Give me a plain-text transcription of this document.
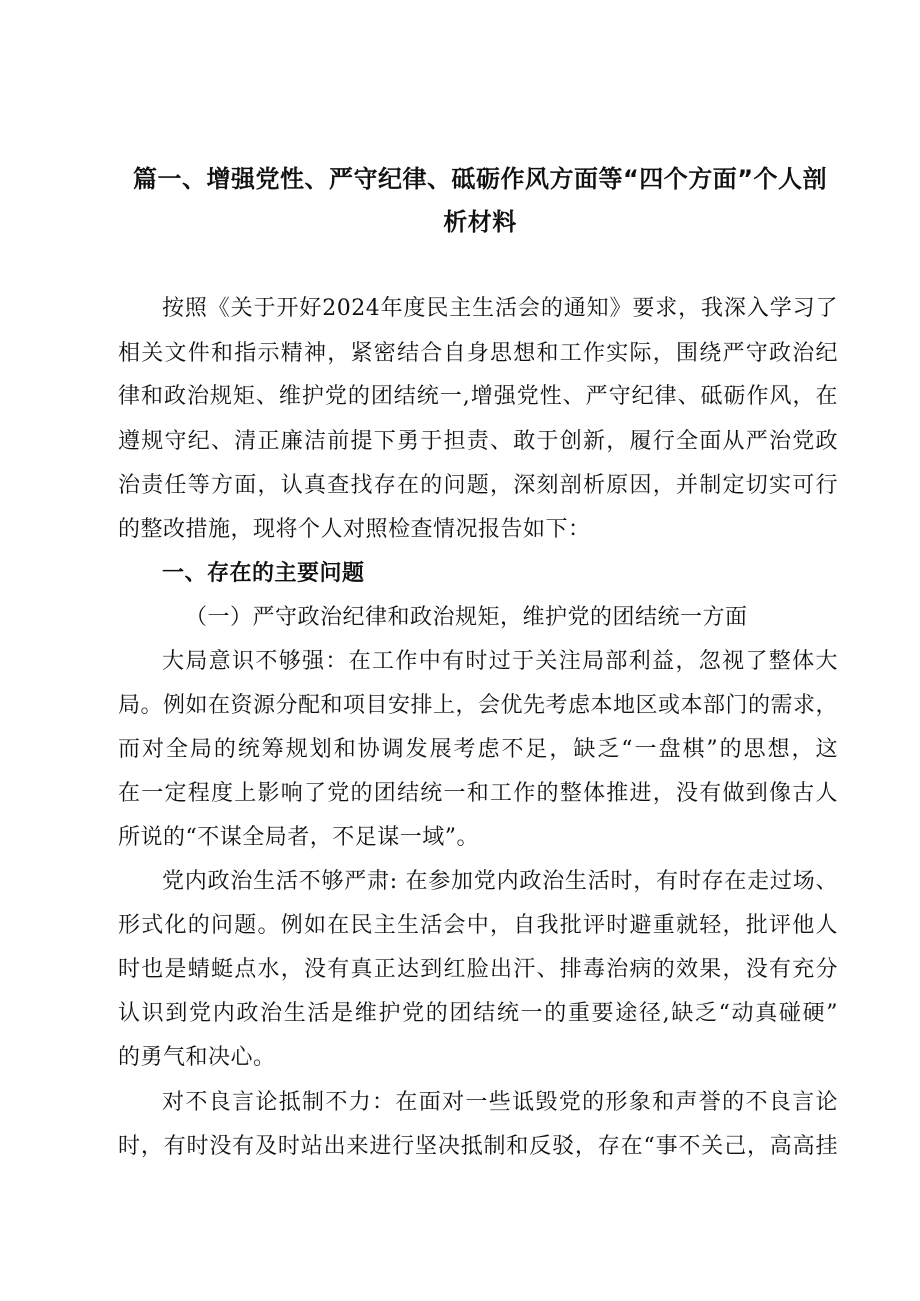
篇一、增强党性、严守纪律、砥砺作风方面等“四个方面”个人剖
析材料
按照《关于开好2024年度民主生活会的通知》要求，我深入学习了
相关文件和指示精神，紧密结合自身思想和工作实际，围绕严守政治纪
律和政治规矩、维护党的团结统一,增强党性、严守纪律、砥砺作风，在
遵规守纪、清正廉洁前提下勇于担责、敢于创新，履行全面从严治党政
治责任等方面，认真查找存在的问题，深刻剖析原因，并制定切实可行
的整改措施，现将个人对照检查情况报告如下：
一、存在的主要问题
（一）严守政治纪律和政治规矩，维护党的团结统一方面
大局意识不够强：在工作中有时过于关注局部利益，忽视了整体大
局。例如在资源分配和项目安排上，会优先考虑本地区或本部门的需求，
而对全局的统筹规划和协调发展考虑不足，缺乏“一盘棋”的思想，这
在一定程度上影响了党的团结统一和工作的整体推进，没有做到像古人
所说的“不谋全局者，不足谋一域”。
党内政治生活不够严肃: 在参加党内政治生活时，有时存在走过场、
形式化的问题。例如在民主生活会中，自我批评时避重就轻，批评他人
时也是蜻蜓点水，没有真正达到红脸出汗、排毒治病的效果，没有充分
认识到党内政治生活是维护党的团结统一的重要途径,缺乏“动真碰硬”
的勇气和决心。
对不良言论抵制不力：在面对一些诋毁党的形象和声誉的不良言论
时，有时没有及时站出来进行坚决抵制和反驳，存在“事不关己，高高挂
